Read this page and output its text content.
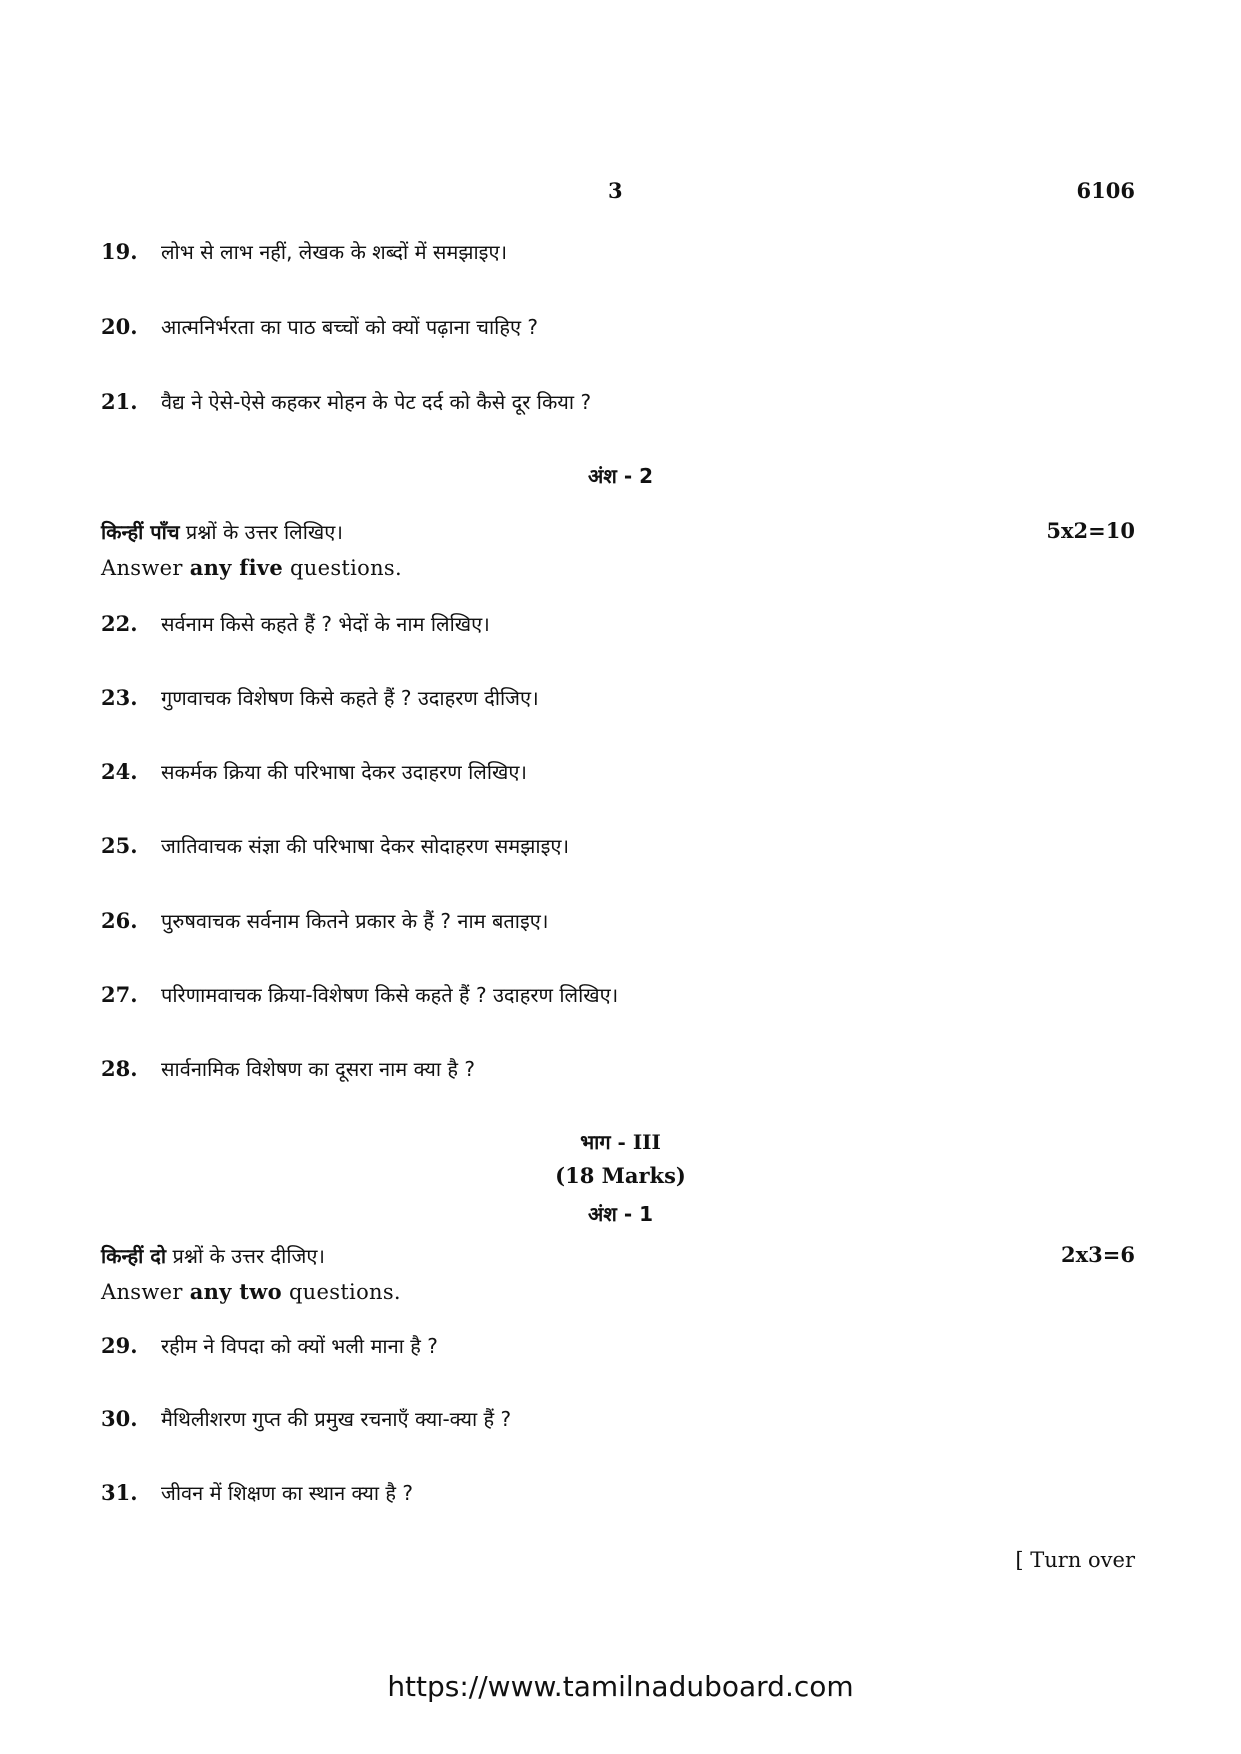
3	6106
19. लोभ से लाभ नहीं, लेखक के शब्दों में समझाइए।
20. आत्मनिर्भरता का पाठ बच्चों को क्यों पढ़ाना चाहिए ?
21. वैद्य ने ऐसे-ऐसे कहकर मोहन के पेट दर्द को कैसे दूर किया ?
अंश - 2
किन्हीं पाँच प्रश्नों के उत्तर लिखिए।	5x2=10
Answer any five questions.
22. सर्वनाम किसे कहते हैं ? भेदों के नाम लिखिए।
23. गुणवाचक विशेषण किसे कहते हैं ? उदाहरण दीजिए।
24. सकर्मक क्रिया की परिभाषा देकर उदाहरण लिखिए।
25. जातिवाचक संज्ञा की परिभाषा देकर सोदाहरण समझाइए।
26. पुरुषवाचक सर्वनाम कितने प्रकार के हैं ? नाम बताइए।
27. परिणामवाचक क्रिया-विशेषण किसे कहते हैं ? उदाहरण लिखिए।
28. सार्वनामिक विशेषण का दूसरा नाम क्या है ?
भाग - III
(18 Marks)
अंश - 1
किन्हीं दो प्रश्नों के उत्तर दीजिए।	2x3=6
Answer any two questions.
29. रहीम ने विपदा को क्यों भली माना है ?
30. मैथिलीशरण गुप्त की प्रमुख रचनाएँ क्या-क्या हैं ?
31. जीवन में शिक्षण का स्थान क्या है ?
[ Turn over
https://www.tamilnaduboard.com
